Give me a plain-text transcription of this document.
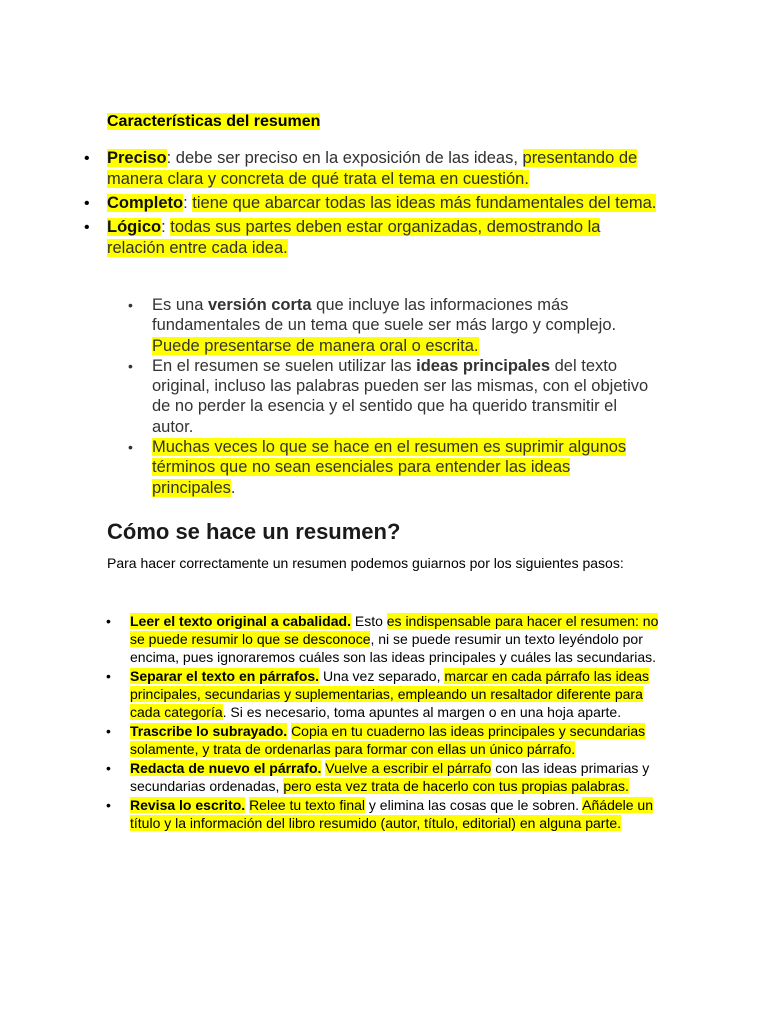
Características del resumen
• Preciso: debe ser preciso en la exposición de las ideas, presentando de manera clara y concreta de qué trata el tema en cuestión.
• Completo: tiene que abarcar todas las ideas más fundamentales del tema.
• Lógico: todas sus partes deben estar organizadas, demostrando la relación entre cada idea.
• Es una versión corta que incluye las informaciones más fundamentales de un tema que suele ser más largo y complejo. Puede presentarse de manera oral o escrita.
• En el resumen se suelen utilizar las ideas principales del texto original, incluso las palabras pueden ser las mismas, con el objetivo de no perder la esencia y el sentido que ha querido transmitir el autor.
• Muchas veces lo que se hace en el resumen es suprimir algunos términos que no sean esenciales para entender las ideas principales.
Cómo se hace un resumen?

Para hacer correctamente un resumen podemos guiarnos por los siguientes pasos:

• Leer el texto original a cabalidad. Esto es indispensable para hacer el resumen: no se puede resumir lo que se desconoce, ni se puede resumir un texto leyéndolo por encima, pues ignoraremos cuáles son las ideas principales y cuáles las secundarias.
• Separar el texto en párrafos. Una vez separado, marcar en cada párrafo las ideas principales, secundarias y suplementarias, empleando un resaltador diferente para cada categoría. Si es necesario, toma apuntes al margen o en una hoja aparte.
• Trascribe lo subrayado. Copia en tu cuaderno las ideas principales y secundarias solamente, y trata de ordenarlas para formar con ellas un único párrafo.
• Redacta de nuevo el párrafo. Vuelve a escribir el párrafo con las ideas primarias y secundarias ordenadas, pero esta vez trata de hacerlo con tus propias palabras.
• Revisa lo escrito. Relee tu texto final y elimina las cosas que le sobren. Añádele un título y la información del libro resumido (autor, título, editorial) en alguna parte.
